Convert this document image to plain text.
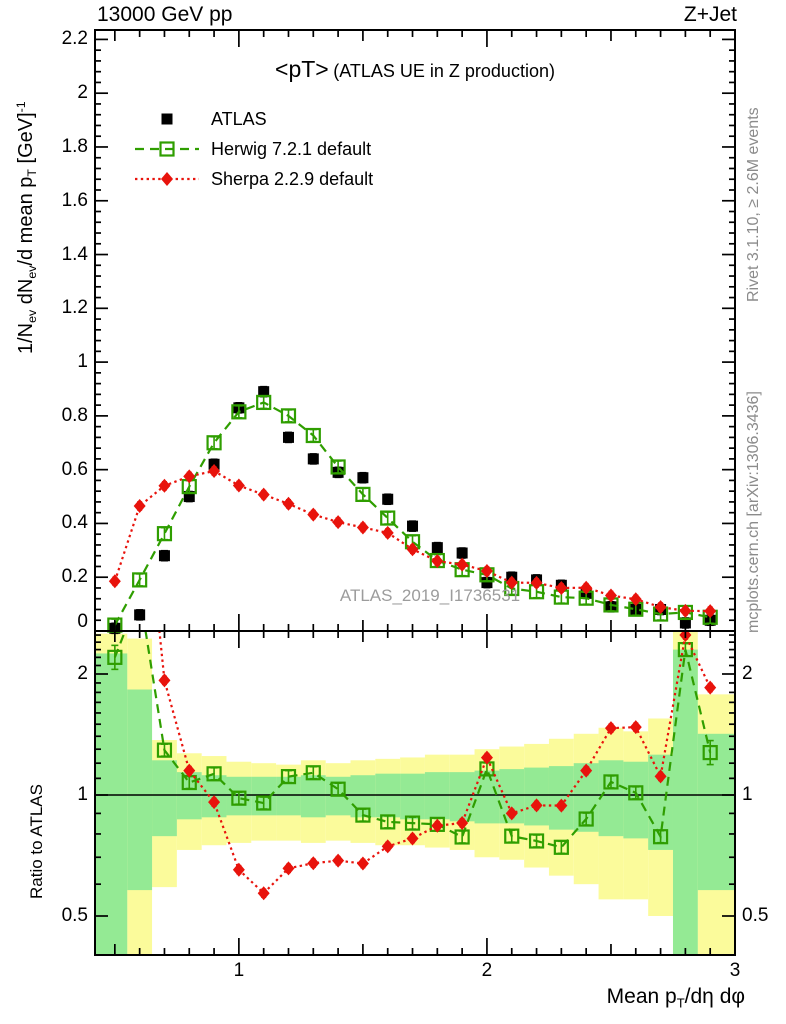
13000 GeV pp	Z+Jet
<pT> (ATLAS UE in Z production)
ATLAS
Herwig 7.2.1 default
Sherpa 2.2.9 default
ATLAS_2019_I1736531
$1/N_{ev}$ $dN_{ev}/d$ mean $p_T$ [GeV]$^{-1}$
Ratio to ATLAS
Rivet 3.1.10, ≥ 2.6M events
mcplots.cern.ch [arXiv:1306.3436]
Mean $p_T/d\eta$ dφ
2.2
2
1.8
1.6
1.4
1.2
1
0.8
0.6
0.4
0.2
0
2	2
1	1
0.5	0.5
1	2	3
